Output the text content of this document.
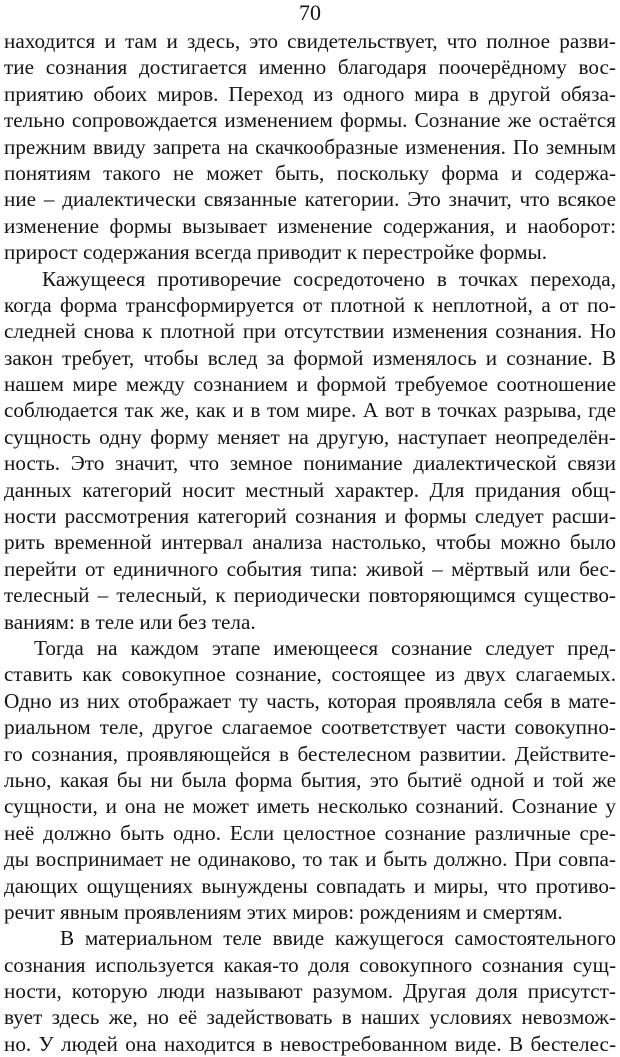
70
находится и там и здесь, это свидетельствует, что полное разви-
тие сознания достигается именно благодаря поочерёдному вос-
приятию обоих миров. Переход из одного мира в другой обяза-
тельно сопровождается изменением формы. Сознание же остаётся
прежним ввиду запрета на скачкообразные изменения. По земным
понятиям такого не может быть, поскольку форма и содержа-
ние – диалектически связанные категории. Это значит, что всякое
изменение формы вызывает изменение содержания, и наоборот:
прирост содержания всегда приводит к перестройке формы.
Кажущееся противоречие сосредоточено в точках перехода,
когда форма трансформируется от плотной к неплотной, а от по-
следней снова к плотной при отсутствии изменения сознания. Но
закон требует, чтобы вслед за формой изменялось и сознание. В
нашем мире между сознанием и формой требуемое соотношение
соблюдается так же, как и в том мире. А вот в точках разрыва, где
сущность одну форму меняет на другую, наступает неопределён-
ность. Это значит, что земное понимание диалектической связи
данных категорий носит местный характер. Для придания общ-
ности рассмотрения категорий сознания и формы следует расши-
рить временной интервал анализа настолько, чтобы можно было
перейти от единичного события типа: живой – мёртвый или бес-
телесный – телесный, к периодически повторяющимся существо-
ваниям: в теле или без тела.
Тогда на каждом этапе имеющееся сознание следует пред-
ставить как совокупное сознание, состоящее из двух слагаемых.
Одно из них отображает ту часть, которая проявляла себя в мате-
риальном теле, другое слагаемое соответствует части совокупно-
го сознания, проявляющейся в бестелесном развитии. Действите-
льно, какая бы ни была форма бытия, это бытиё одной и той же
сущности, и она не может иметь несколько сознаний. Сознание у
неё должно быть одно. Если целостное сознание различные сре-
ды воспринимает не одинаково, то так и быть должно. При совпа-
дающих ощущениях вынуждены совпадать и миры, что противо-
речит явным проявлениям этих миров: рождениям и смертям.
В материальном теле ввиде кажущегося самостоятельного
сознания используется какая-то доля совокупного сознания сущ-
ности, которую люди называют разумом. Другая доля присутст-
вует здесь же, но её задействовать в наших условиях невозмож-
но. У людей она находится в невостребованном виде. В бестелес-
